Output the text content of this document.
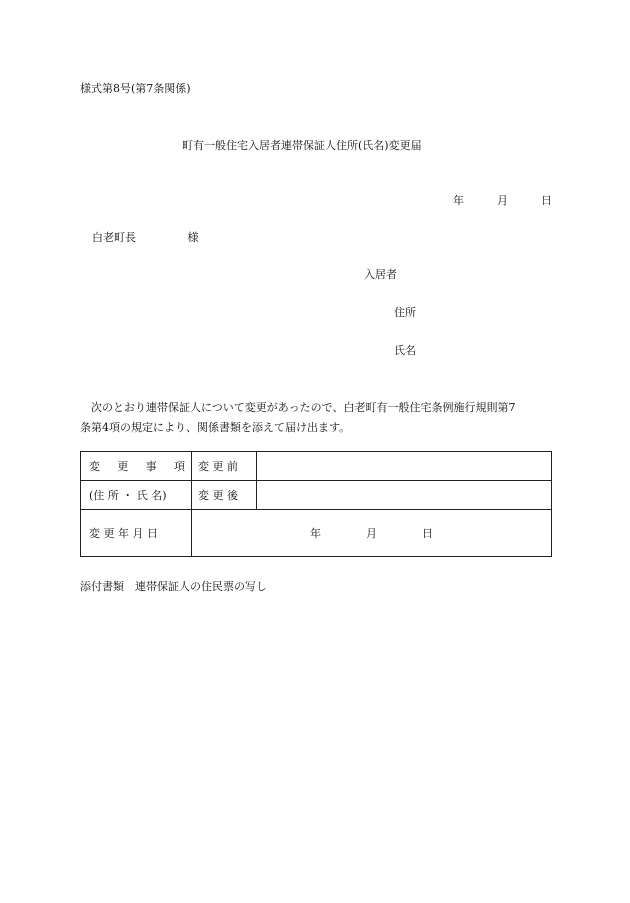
様式第8号(第7条関係)
町有一般住宅入居者連帯保証人住所(氏名)変更届
年	月	日
白老町長	様
入居者
住所
氏名
次のとおり連帯保証人について変更があったので、白老町有一般住宅条例施行規則第7
条第4項の規定により、関係書類を添えて届け出ます。
変 更 事 項	変 更 前	
(住 所 ・ 氏 名)	変 更 後	
変 更 年 月 日	年 月 日	
添付書類　連帯保証人の住民票の写し
